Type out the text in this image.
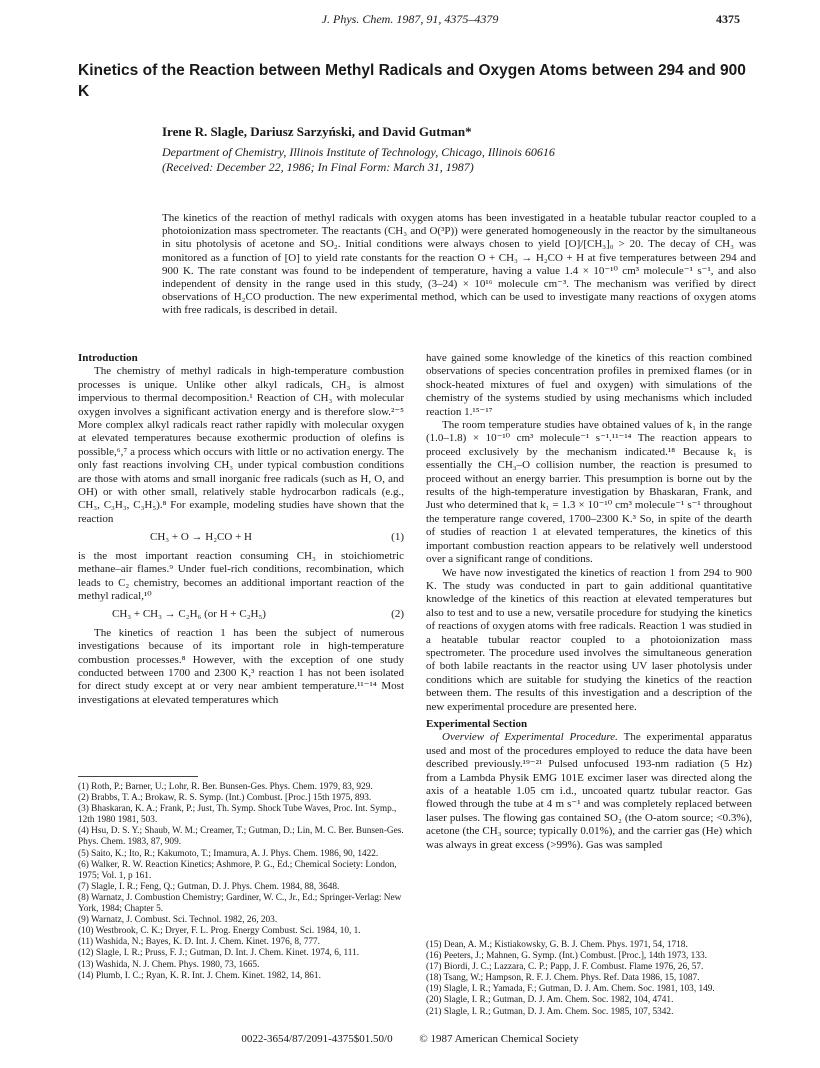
J. Phys. Chem. 1987, 91, 4375–4379	4375
Kinetics of the Reaction between Methyl Radicals and Oxygen Atoms between 294 and 900 K
Irene R. Slagle, Dariusz Sarzyński, and David Gutman*
Department of Chemistry, Illinois Institute of Technology, Chicago, Illinois 60616
(Received: December 22, 1986; In Final Form: March 31, 1987)
The kinetics of the reaction of methyl radicals with oxygen atoms has been investigated in a heatable tubular reactor coupled to a photoionization mass spectrometer. The reactants (CH₃ and O(³P)) were generated homogeneously in the reactor by the simultaneous in situ photolysis of acetone and SO₂. Initial conditions were always chosen to yield [O]/[CH₃]₀ > 20. The decay of CH₃ was monitored as a function of [O] to yield rate constants for the reaction O + CH₃ → H₂CO + H at five temperatures between 294 and 900 K. The rate constant was found to be independent of temperature, having a value 1.4 × 10⁻¹⁰ cm³ molecule⁻¹ s⁻¹, and also independent of density in the range used in this study, (3–24) × 10¹⁶ molecule cm⁻³. The mechanism was verified by direct observations of H₂CO production. The new experimental method, which can be used to investigate many reactions of oxygen atoms with free radicals, is described in detail.
Introduction

The chemistry of methyl radicals in high-temperature combustion processes is unique. Unlike other alkyl radicals, CH₃ is almost impervious to thermal decomposition.¹ Reaction of CH₃ with molecular oxygen involves a significant activation energy and is therefore slow.²⁻⁵ More complex alkyl radicals react rather rapidly with molecular oxygen at elevated temperatures because exothermic production of olefins is possible,⁶,⁷ a process which occurs with little or no activation energy. The only fast reactions involving CH₃ under typical combustion conditions are those with atoms and small inorganic free radicals (such as H, O, and OH) or with other small, relatively stable hydrocarbon radicals (e.g., CH₃, C₃H₃, C₃H₅).⁸ For example, modeling studies have shown that the reaction

CH₃ + O → H₂CO + H	(1)

is the most important reaction consuming CH₃ in stoichiometric methane–air flames.⁹ Under fuel-rich conditions, recombination, which leads to C₂ chemistry, becomes an additional important reaction of the methyl radical,¹⁰

CH₃ + CH₃ → C₂H₆ (or H + C₂H₅)	(2)

The kinetics of reaction 1 has been the subject of numerous investigations because of its important role in high-temperature combustion processes.⁸ However, with the exception of one study conducted between 1700 and 2300 K,³ reaction 1 has not been isolated for direct study except at or very near ambient temperature.¹¹⁻¹⁴ Most investigations at elevated temperatures which

(1) Roth, P.; Barner, U.; Lohr, R. Ber. Bunsen-Ges. Phys. Chem. 1979, 83, 929.
(2) Brabbs, T. A.; Brokaw, R. S. Symp. (Int.) Combust. [Proc.] 15th 1975, 893.
(3) Bhaskaran, K. A.; Frank, P.; Just, Th. Symp. Shock Tube Waves, Proc. Int. Symp., 12th 1980 1981, 503.
(4) Hsu, D. S. Y.; Shaub, W. M.; Creamer, T.; Gutman, D.; Lin, M. C. Ber. Bunsen-Ges. Phys. Chem. 1983, 87, 909.
(5) Saito, K.; Ito, R.; Kakumoto, T.; Imamura, A. J. Phys. Chem. 1986, 90, 1422.
(6) Walker, R. W. Reaction Kinetics; Ashmore, P. G., Ed.; Chemical Society: London, 1975; Vol. 1, p 161.
(7) Slagle, I. R.; Feng, Q.; Gutman, D. J. Phys. Chem. 1984, 88, 3648.
(8) Warnatz, J. Combustion Chemistry; Gardiner, W. C., Jr., Ed.; Springer-Verlag: New York, 1984; Chapter 5.
(9) Warnatz, J. Combust. Sci. Technol. 1982, 26, 203.
(10) Westbrook, C. K.; Dryer, F. L. Prog. Energy Combust. Sci. 1984, 10, 1.
(11) Washida, N.; Bayes, K. D. Int. J. Chem. Kinet. 1976, 8, 777.
(12) Slagle, I. R.; Pruss, F. J.; Gutman, D. Int. J. Chem. Kinet. 1974, 6, 111.
(13) Washida, N. J. Chem. Phys. 1980, 73, 1665.
(14) Plumb, I. C.; Ryan, K. R. Int. J. Chem. Kinet. 1982, 14, 861.

have gained some knowledge of the kinetics of this reaction combined observations of species concentration profiles in premixed flames (or in shock-heated mixtures of fuel and oxygen) with simulations of the chemistry of the systems studied by using mechanisms which included reaction 1.¹⁵⁻¹⁷

The room temperature studies have obtained values of k₁ in the range (1.0–1.8) × 10⁻¹⁰ cm³ molecule⁻¹ s⁻¹.¹¹⁻¹⁴ The reaction appears to proceed exclusively by the mechanism indicated.¹⁸ Because k₁ is essentially the CH₃–O collision number, the reaction is presumed to proceed without an energy barrier. This presumption is borne out by the results of the high-temperature investigation by Bhaskaran, Frank, and Just who determined that k₁ = 1.3 × 10⁻¹⁰ cm³ molecule⁻¹ s⁻¹ throughout the temperature range covered, 1700–2300 K.³ So, in spite of the dearth of studies of reaction 1 at elevated temperatures, the kinetics of this important combustion reaction appears to be relatively well understood over a significant range of conditions.

We have now investigated the kinetics of reaction 1 from 294 to 900 K. The study was conducted in part to gain additional quantitative knowledge of the kinetics of this reaction at elevated temperatures but also to test and to use a new, versatile procedure for studying the kinetics of reactions of oxygen atoms with free radicals. Reaction 1 was studied in a heatable tubular reactor coupled to a photoionization mass spectrometer. The procedure used involves the simultaneous generation of both labile reactants in the reactor using UV laser photolysis under conditions which are suitable for studying the kinetics of the reaction between them. The results of this investigation and a description of the new experimental procedure are presented here.

Experimental Section

Overview of Experimental Procedure. The experimental apparatus used and most of the procedures employed to reduce the data have been described previously.¹⁹⁻²¹ Pulsed unfocused 193-nm radiation (5 Hz) from a Lambda Physik EMG 101E excimer laser was directed along the axis of a heatable 1.05 cm i.d., uncoated quartz tubular reactor. Gas flowed through the tube at 4 m s⁻¹ and was completely replaced between laser pulses. The flowing gas contained SO₂ (the O-atom source; <0.3%), acetone (the CH₃ source; typically 0.01%), and the carrier gas (He) which was always in great excess (>99%). Gas was sampled

(15) Dean, A. M.; Kistiakowsky, G. B. J. Chem. Phys. 1971, 54, 1718.
(16) Peeters, J.; Mahnen, G. Symp. (Int.) Combust. [Proc.], 14th 1973, 133.
(17) Biordi, J. C.; Lazzara, C. P.; Papp, J. F. Combust. Flame 1976, 26, 57.
(18) Tsang, W.; Hampson, R. F. J. Chem. Phys. Ref. Data 1986, 15, 1087.
(19) Slagle, I. R.; Yamada, F.; Gutman, D. J. Am. Chem. Soc. 1981, 103, 149.
(20) Slagle, I. R.; Gutman, D. J. Am. Chem. Soc. 1982, 104, 4741.
(21) Slagle, I. R.; Gutman, D. J. Am. Chem. Soc. 1985, 107, 5342.
0022-3654/87/2091-4375$01.50/0 © 1987 American Chemical Society
